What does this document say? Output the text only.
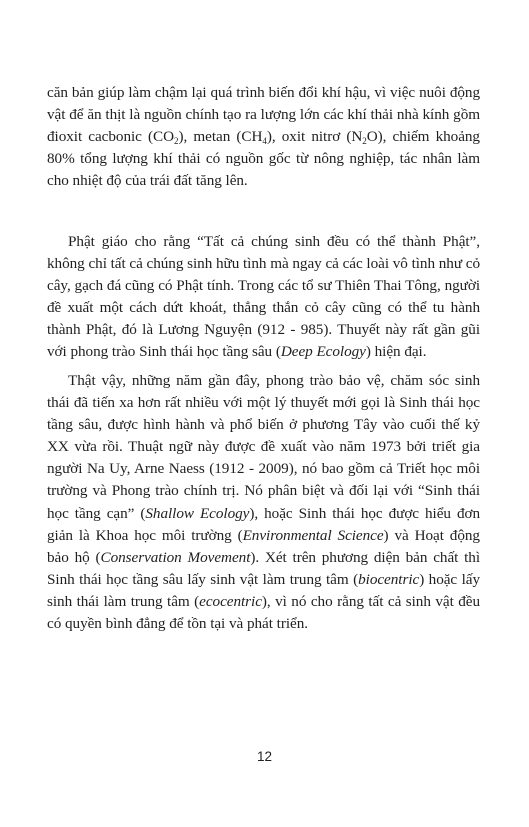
căn bản giúp làm chậm lại quá trình biến đổi khí hậu, vì việc nuôi động vật để ăn thịt là nguồn chính tạo ra lượng lớn các khí thải nhà kính gồm đioxit cacbonic $(CO_2)$, metan $(CH_4)$, oxit nitrơ $(N_2O)$, chiếm khoảng 80% tổng lượng khí thải có nguồn gốc từ nông nghiệp, tác nhân làm cho nhiệt độ của trái đất tăng lên.

Phật giáo cho rằng “Tất cả chúng sinh đều có thể thành Phật”, không chỉ tất cả chúng sinh hữu tình mà ngay cả các loài vô tình như cỏ cây, gạch đá cũng có Phật tính. Trong các tổ sư Thiên Thai Tông, người đề xuất một cách dứt khoát, thẳng thắn cỏ cây cũng có thể tu hành thành Phật, đó là Lương Nguyện (912 - 985). Thuyết này rất gần gũi với phong trào Sinh thái học tầng sâu (Deep Ecology) hiện đại.

Thật vậy, những năm gần đây, phong trào bảo vệ, chăm sóc sinh thái đã tiến xa hơn rất nhiều với một lý thuyết mới gọi là Sinh thái học tầng sâu, được hình hành và phổ biến ở phương Tây vào cuối thế kỷ XX vừa rồi. Thuật ngữ này được đề xuất vào năm 1973 bởi triết gia người Na Uy, Arne Naess (1912 - 2009), nó bao gồm cả Triết học môi trường và Phong trào chính trị. Nó phân biệt và đối lại với “Sinh thái học tầng cạn” (Shallow Ecology), hoặc Sinh thái học được hiểu đơn giản là Khoa học môi trường (Environmental Science) và Hoạt động bảo hộ (Conservation Movement). Xét trên phương diện bản chất thì Sinh thái học tầng sâu lấy sinh vật làm trung tâm (biocentric) hoặc lấy sinh thái làm trung tâm (ecocentric), vì nó cho rằng tất cả sinh vật đều có quyền bình đẳng để tồn tại và phát triển.

12
